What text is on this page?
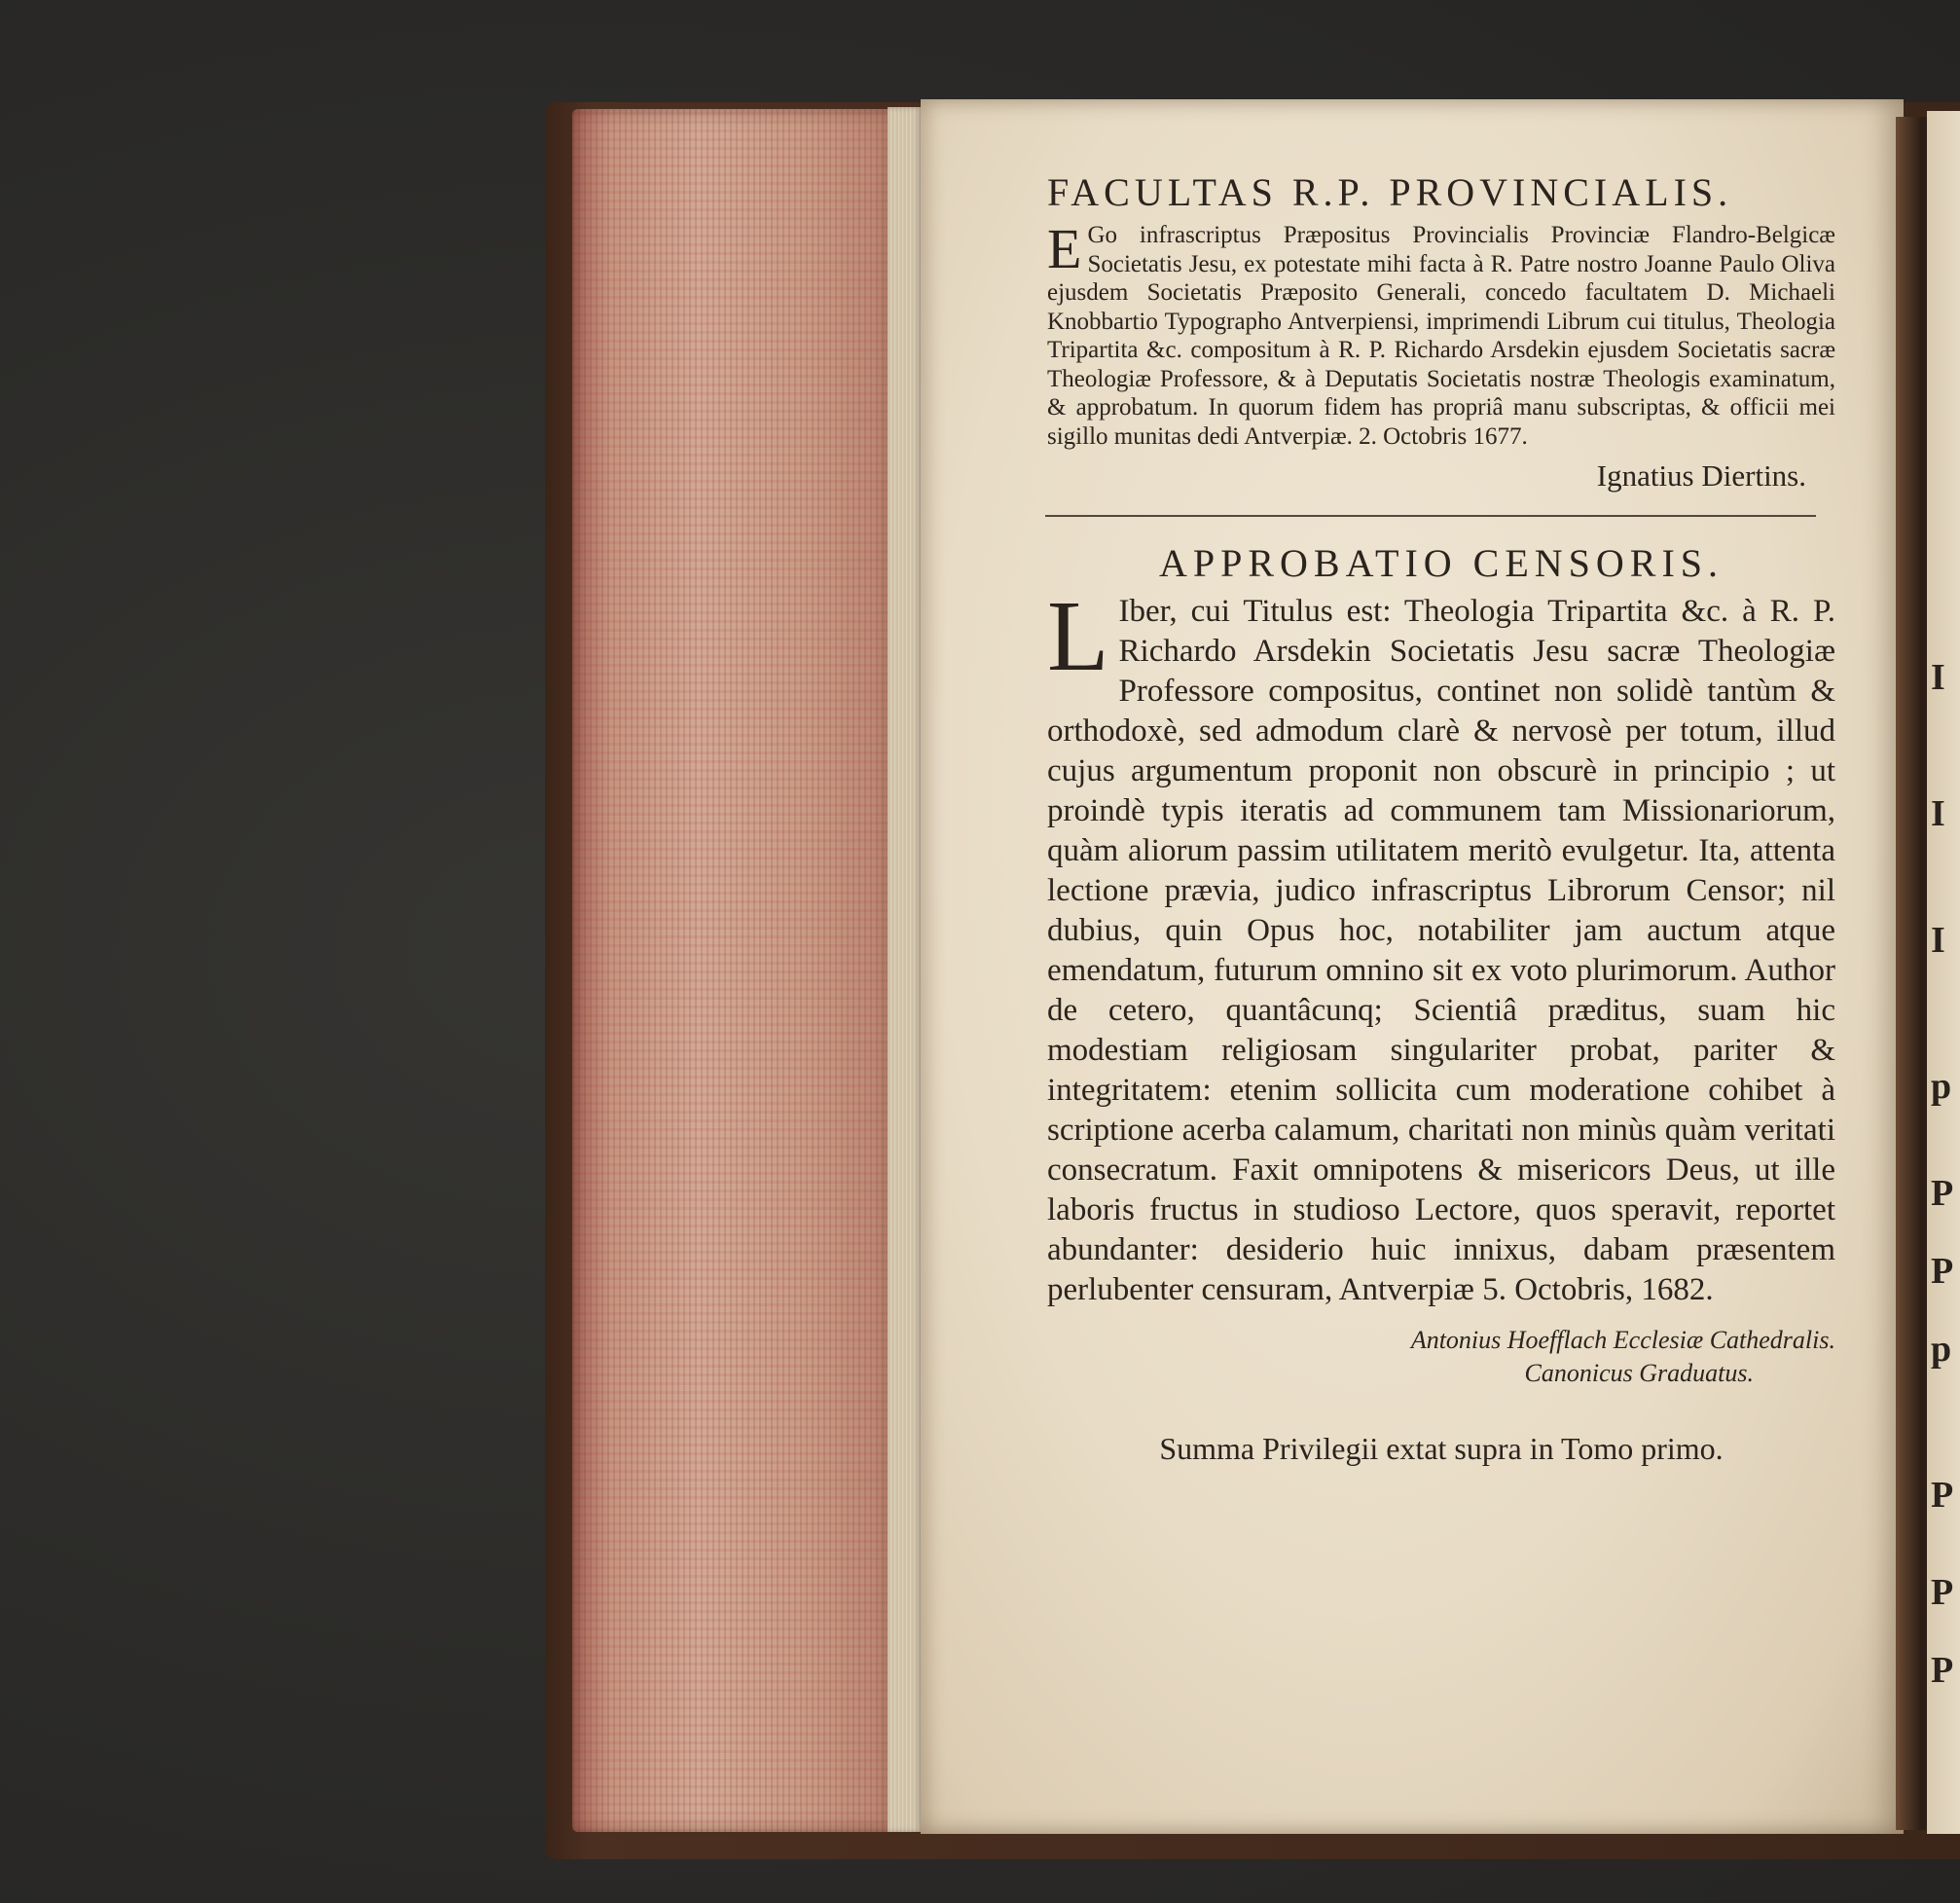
FACULTAS R.P. PROVINCIALIS.

E Go infrascriptus Præpositus Provincialis Provinciæ Flandro-Belgicæ Societatis Jesu, ex potestate mihi facta à R. Patre nostro Joanne Paulo Oliva ejusdem Societatis Præposito Generali, concedo facultatem D. Michaeli Knobbartio Typographo Antverpiensi, imprimendi Librum cui titulus, Theologia Tripartita &c. compositum à R. P. Richardo Arsdekin ejusdem Societatis sacræ Theologiæ Professore, & à Deputatis Societatis nostræ Theologis examinatum, & approbatum. In quorum fidem has propriâ manu subscriptas, & officii mei sigillo munitas dedi Antverpiæ. 2. Octobris 1677.

Ignatius Diertins.
APPROBATIO CENSORIS.

L Iber, cui Titulus est: Theologia Tripartita &c. à R. P. Richardo Arsdekin Societatis Jesu sacræ Theologiæ Professore compositus, continet non solidè tantùm & orthodoxè, sed admodum clarè & nervosè per totum, illud cujus argumentum proponit non obscurè in principio ; ut proindè typis iteratis ad communem tam Missionariorum, quàm aliorum passim utilitatem meritò evulgetur. Ita, attenta lectione prævia, judico infrascriptus Librorum Censor; nil dubius, quin Opus hoc, notabiliter jam auctum atque emendatum, futurum omnino sit ex voto plurimorum. Author de cetero, quantâcunq; Scientiâ præditus, suam hic modestiam religiosam singulariter probat, pariter & integritatem: etenim sollicita cum moderatione cohibet à scriptione acerba calamum, charitati non minùs quàm veritati consecratum. Faxit omnipotens & misericors Deus, ut ille laboris fructus in studioso Lectore, quos speravit, reportet abundanter: desiderio huic innixus, dabam præsentem perlubenter censuram, Antverpiæ 5. Octobris, 1682.

Antonius Hoefflach Ecclesiæ Cathedralis.
Canonicus Graduatus.
Summa Privilegii extat supra in Tomo primo.
I
I
I
p
P
P
p
P
P
P
